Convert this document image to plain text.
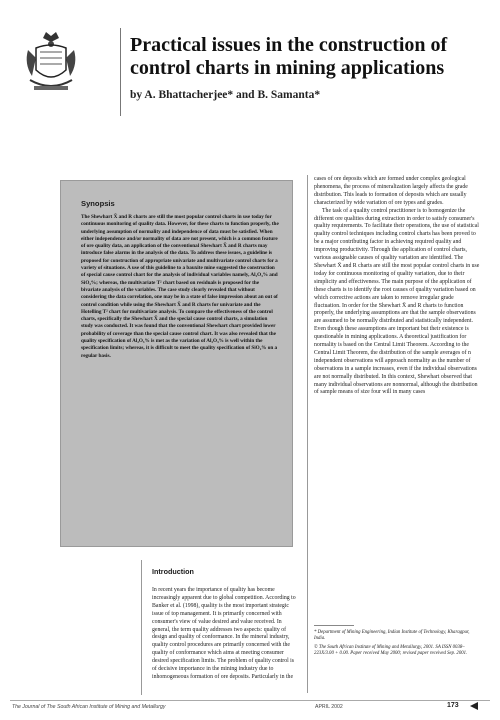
Practical issues in the construction of control charts in mining applications
by A. Bhattacherjee* and B. Samanta*
Synopsis

The Shewhart X̄ and R charts are still the most popular control charts in use today for continuous monitoring of quality data. However, for these charts to function properly, the underlying assumption of normality and independence of data must be satisfied. When either independence and/or normality of data are not present, which is a common feature of ore quality data, an application of the conventional Shewhart X̄ and R charts may introduce false alarms in the analysis of the data. To address these issues, a guideline is proposed for construction of appropriate univariate and multivariate control charts for a variety of situations. A use of this guideline to a bauxite mine suggested the construction of special cause control chart for the analysis of individual variables namely, Al₂O₃% and SiO₂%; whereas, the multivariate T² chart based on residuals is proposed for the bivariate analysis of the variables. The case study clearly revealed that without considering the data correlation, one may be in a state of false impression about an out of control condition while using the Shewhart X̄ and R charts for univariate and the Hotelling T² chart for multivariate analysis. To compare the effectiveness of the control charts, specifically the Shewhart X̄ and the special cause control charts, a simulation study was conducted. It was found that the conventional Shewhart chart provided lower probability of coverage than the special cause control chart. It was also revealed that the quality specification of Al₂O₃% is met as the variation of Al₂O₃% is well within the specification limits; whereas, it is difficult to meet the quality specification of SiO₂% on a regular basis.

Introduction

In recent years the importance of quality has become increasingly apparent due to global competition. According to Banker et al. (1998), quality is the most important strategic issue of top management. It is primarily concerned with consumer's view of value desired and value received. In general, the term quality addresses two aspects: quality of design and quality of conformance. In the mineral industry, quality control procedures are primarily concerned with the quality of conformance which aims at meeting consumer desired specification limits. The problem of quality control is of decisive importance in the mining industry due to inhomogeneous formation of ore deposits. Particularly in the

cases of ore deposits which are formed under complex geological phenomena, the process of mineralization largely affects the grade distribution. This leads to formation of deposits which are usually characterized by wide variation of ore types and grades.

The task of a quality control practitioner is to homogenize the different ore qualities during extraction in order to satisfy consumer's quality requirements. To facilitate their operations, the use of statistical quality control techniques including control charts has been proved to be a major contributing factor in achieving required quality and improving productivity. Through the application of control charts, various assignable causes of quality variation are identified. The Shewhart X̄ and R charts are still the most popular control charts in use today for continuous monitoring of quality variation, due to their simplicity and effectiveness. The main purpose of the application of these charts is to identify the root causes of quality variation based on which corrective actions are taken to remove irregular grade fluctuation. In order for the Shewhart X̄ and R charts to function properly, the underlying assumptions are that the sample observations are assumed to be normally distributed and statistically independent. Even though these assumptions are important but their existence is questionable in mining applications. A theoretical justification for normality is based on the Central Limit Theorem. According to the Central Limit Theorem, the distribution of the sample averages of n independent observations will approach normality as the number of observations in a sample increases, even if the individual observations are not normally distributed. In this context, Shewhart observed that many individual observations are nonnormal, although the distribution of sample means of size four will in many cases

* Department of Mining Engineering, Indian Institute of Technology, Kharagpur, India.

© The South African Institute of Mining and Metallurgy, 2001. SA ISSN 0038–223X/3.00 + 0.00. Paper received May 2000; revised paper received Sep. 2001.

The Journal of The South African Institute of Mining and Metallurgy	APRIL 2002	173
